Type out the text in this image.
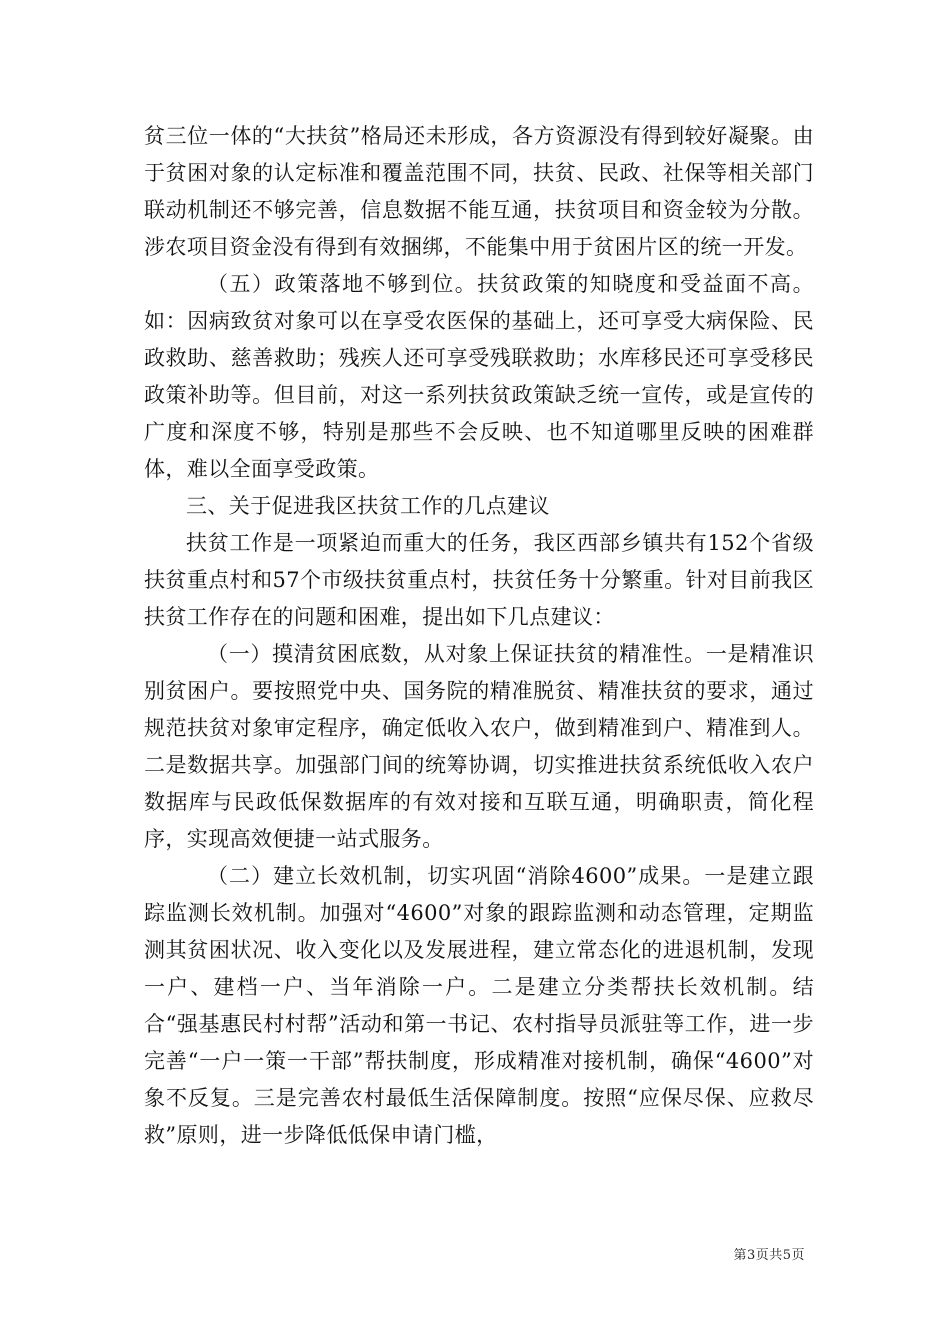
贫三位一体的“大扶贫”格局还未形成，各方资源没有得到较好凝聚。由于贫困对象的认定标准和覆盖范围不同，扶贫、民政、社保等相关部门联动机制还不够完善，信息数据不能互通，扶贫项目和资金较为分散。涉农项目资金没有得到有效捆绑，不能集中用于贫困片区的统一开发。

（五）政策落地不够到位。扶贫政策的知晓度和受益面不高。如：因病致贫对象可以在享受农医保的基础上，还可享受大病保险、民政救助、慈善救助；残疾人还可享受残联救助；水库移民还可享受移民政策补助等。但目前，对这一系列扶贫政策缺乏统一宣传，或是宣传的广度和深度不够，特别是那些不会反映、也不知道哪里反映的困难群体，难以全面享受政策。

三、关于促进我区扶贫工作的几点建议

扶贫工作是一项紧迫而重大的任务，我区西部乡镇共有152个省级扶贫重点村和57个市级扶贫重点村，扶贫任务十分繁重。针对目前我区扶贫工作存在的问题和困难，提出如下几点建议：

（一）摸清贫困底数，从对象上保证扶贫的精准性。一是精准识别贫困户。要按照党中央、国务院的精准脱贫、精准扶贫的要求，通过规范扶贫对象审定程序，确定低收入农户，做到精准到户、精准到人。二是数据共享。加强部门间的统筹协调，切实推进扶贫系统低收入农户数据库与民政低保数据库的有效对接和互联互通，明确职责，简化程序，实现高效便捷一站式服务。

（二）建立长效机制，切实巩固“消除4600”成果。一是建立跟踪监测长效机制。加强对“4600”对象的跟踪监测和动态管理，定期监测其贫困状况、收入变化以及发展进程，建立常态化的进退机制，发现一户、建档一户、当年消除一户。二是建立分类帮扶长效机制。结合“强基惠民村村帮”活动和第一书记、农村指导员派驻等工作，进一步完善“一户一策一干部”帮扶制度，形成精准对接机制，确保“4600”对象不反复。三是完善农村最低生活保障制度。按照“应保尽保、应救尽救”原则，进一步降低低保申请门槛，

第3页共5页
